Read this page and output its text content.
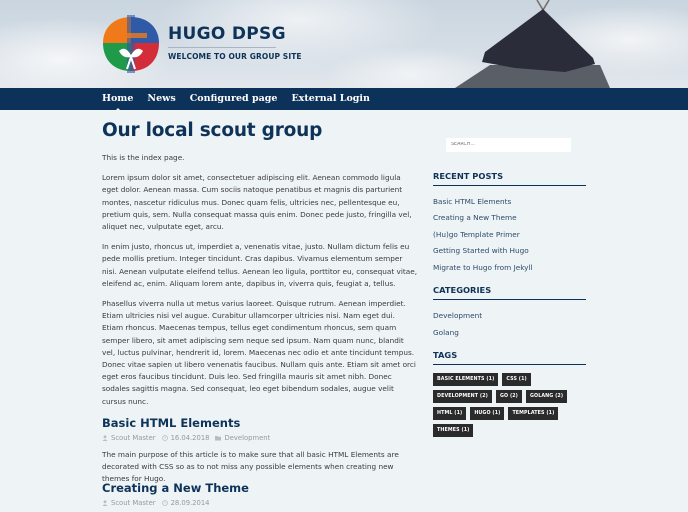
HUGO DPSG
WELCOME TO OUR GROUP SITE
Home News Configured page External Login
Our local scout group

This is the index page.

Lorem ipsum dolor sit amet, consectetuer adipiscing elit. Aenean commodo ligula eget dolor. Aenean massa. Cum sociis natoque penatibus et magnis dis parturient montes, nascetur ridiculus mus. Donec quam felis, ultricies nec, pellentesque eu, pretium quis, sem. Nulla consequat massa quis enim. Donec pede justo, fringilla vel, aliquet nec, vulputate eget, arcu.

In enim justo, rhoncus ut, imperdiet a, venenatis vitae, justo. Nullam dictum felis eu pede mollis pretium. Integer tincidunt. Cras dapibus. Vivamus elementum semper nisi. Aenean vulputate eleifend tellus. Aenean leo ligula, porttitor eu, consequat vitae, eleifend ac, enim. Aliquam lorem ante, dapibus in, viverra quis, feugiat a, tellus.

Phasellus viverra nulla ut metus varius laoreet. Quisque rutrum. Aenean imperdiet. Etiam ultricies nisi vel augue. Curabitur ullamcorper ultricies nisi. Nam eget dui. Etiam rhoncus. Maecenas tempus, tellus eget condimentum rhoncus, sem quam semper libero, sit amet adipiscing sem neque sed ipsum. Nam quam nunc, blandit vel, luctus pulvinar, hendrerit id, lorem. Maecenas nec odio et ante tincidunt tempus. Donec vitae sapien ut libero venenatis faucibus. Nullam quis ante. Etiam sit amet orci eget eros faucibus tincidunt. Duis leo. Sed fringilla mauris sit amet nibh. Donec sodales sagittis magna. Sed consequat, leo eget bibendum sodales, augue velit cursus nunc.

Basic HTML Elements
Scout Master 16.04.2018 Development
The main purpose of this article is to make sure that all basic HTML Elements are decorated with CSS so as to not miss any possible elements when creating new themes for Hugo.
Creating a New Theme
Scout Master 28.09.2014
SEARCH...
RECENT POSTS
Basic HTML Elements
Creating a New Theme
(Hu)go Template Primer
Getting Started with Hugo
Migrate to Hugo from Jekyll
CATEGORIES
Development
Golang
TAGS
BASIC ELEMENTS (1)	CSS (1)
DEVELOPMENT (2)	GO (2)	GOLANG (2)
HTML (1)	HUGO (1)	TEMPLATES (1)
THEMES (1)
